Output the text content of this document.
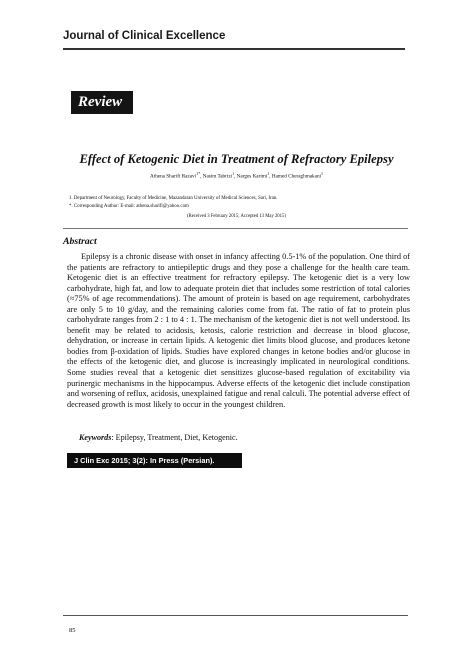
Journal of Clinical Excellence
Review
Effect of Ketogenic Diet in Treatment of Refractory Epilepsy
Athena Sharifi Razavi$^{1*}$, Nasim Tabrizi$^1$, Narges Karimi$^1$, Hamed Cheraghmakani$^1$
1. Department of Neurology, Faculty of Medicine, Mazandaran University of Medical Sciences, Sari, Iran.
*. Corresponding Author: E-mail: athena.sharifi@yahoo.com
(Received 3 February 2015; Accepted 13 May 2015)
Abstract

Epilepsy is a chronic disease with onset in infancy affecting 0.5-1% of the population. One third of the patients are refractory to antiepileptic drugs and they pose a challenge for the health care team. Ketogenic diet is an effective treatment for refractory epilepsy. The ketogenic diet is a very low carbohydrate, high fat, and low to adequate protein diet that includes some restriction of total calories (≈75% of age recommendations). The amount of protein is based on age requirement, carbohydrates are only 5 to 10 g/day, and the remaining calories come from fat. The ratio of fat to protein plus carbohydrate ranges from 2 : 1 to 4 : 1. The mechanism of the ketogenic diet is not well understood. Its benefit may be related to acidosis, ketosis, calorie restriction and decrease in blood glucose, dehydration, or increase in certain lipids. A ketogenic diet limits blood glucose, and produces ketone bodies from β-oxidation of lipids. Studies have explored changes in ketone bodies and/or glucose in the effects of the ketogenic diet, and glucose is increasingly implicated in neurological conditions. Some studies reveal that a ketogenic diet sensitizes glucose-based regulation of excitability via purinergic mechanisms in the hippocampus. Adverse effects of the ketogenic diet include constipation and worsening of reflux, acidosis, unexplained fatigue and renal calculi. The potential adverse effect of decreased growth is most likely to occur in the youngest children.

Keywords: Epilepsy, Treatment, Diet, Ketogenic.
J Clin Exc 2015; 3(2): In Press (Persian).
85
